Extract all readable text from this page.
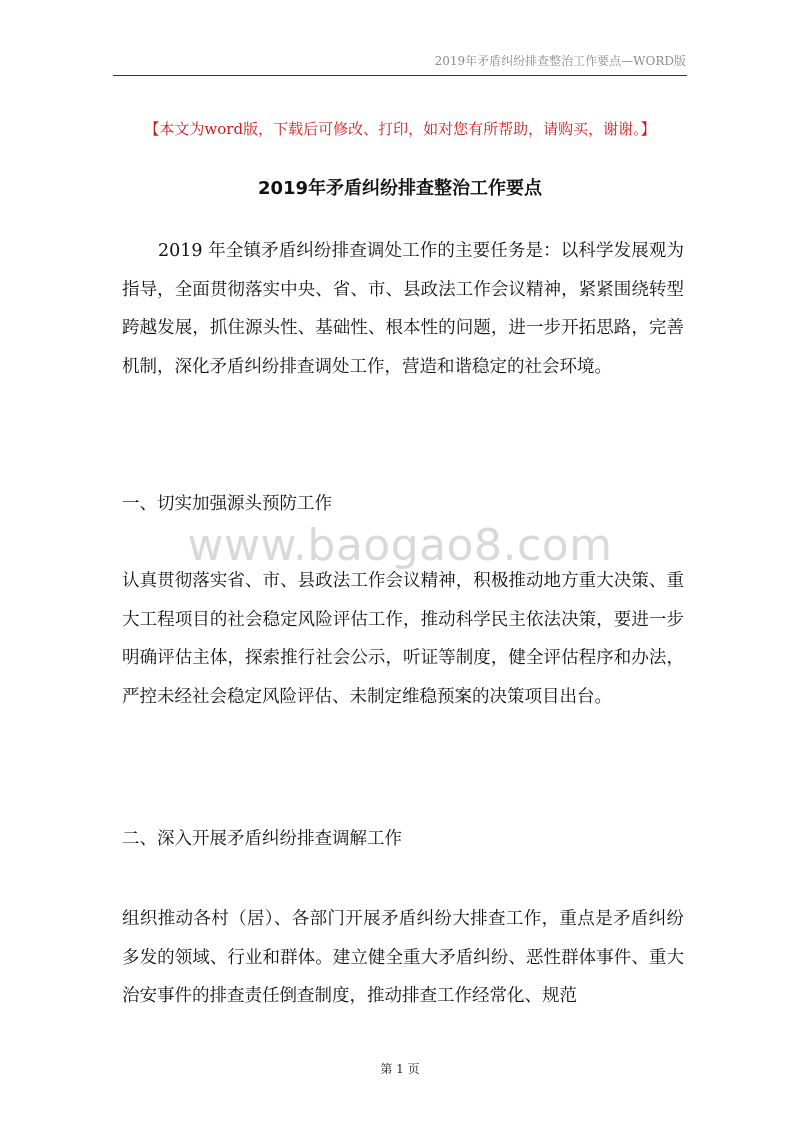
2019年矛盾纠纷排查整治工作要点—WORD版
【本文为word版，下载后可修改、打印，如对您有所帮助，请购买，谢谢。】
2019年矛盾纠纷排查整治工作要点

2019 年全镇矛盾纠纷排查调处工作的主要任务是：以科学发展观为指导，全面贯彻落实中央、省、市、县政法工作会议精神，紧紧围绕转型跨越发展，抓住源头性、基础性、根本性的问题，进一步开拓思路，完善机制，深化矛盾纠纷排查调处工作，营造和谐稳定的社会环境。

一、切实加强源头预防工作

www.baogao8.com

认真贯彻落实省、市、县政法工作会议精神，积极推动地方重大决策、重大工程项目的社会稳定风险评估工作，推动科学民主依法决策，要进一步明确评估主体，探索推行社会公示，听证等制度，健全评估程序和办法，严控未经社会稳定风险评估、未制定维稳预案的决策项目出台。

二、深入开展矛盾纠纷排查调解工作

组织推动各村（居）、各部门开展矛盾纠纷大排查工作，重点是矛盾纠纷多发的领域、行业和群体。建立健全重大矛盾纠纷、恶性群体事件、重大治安事件的排查责任倒查制度，推动排查工作经常化、规范

第 1 页
